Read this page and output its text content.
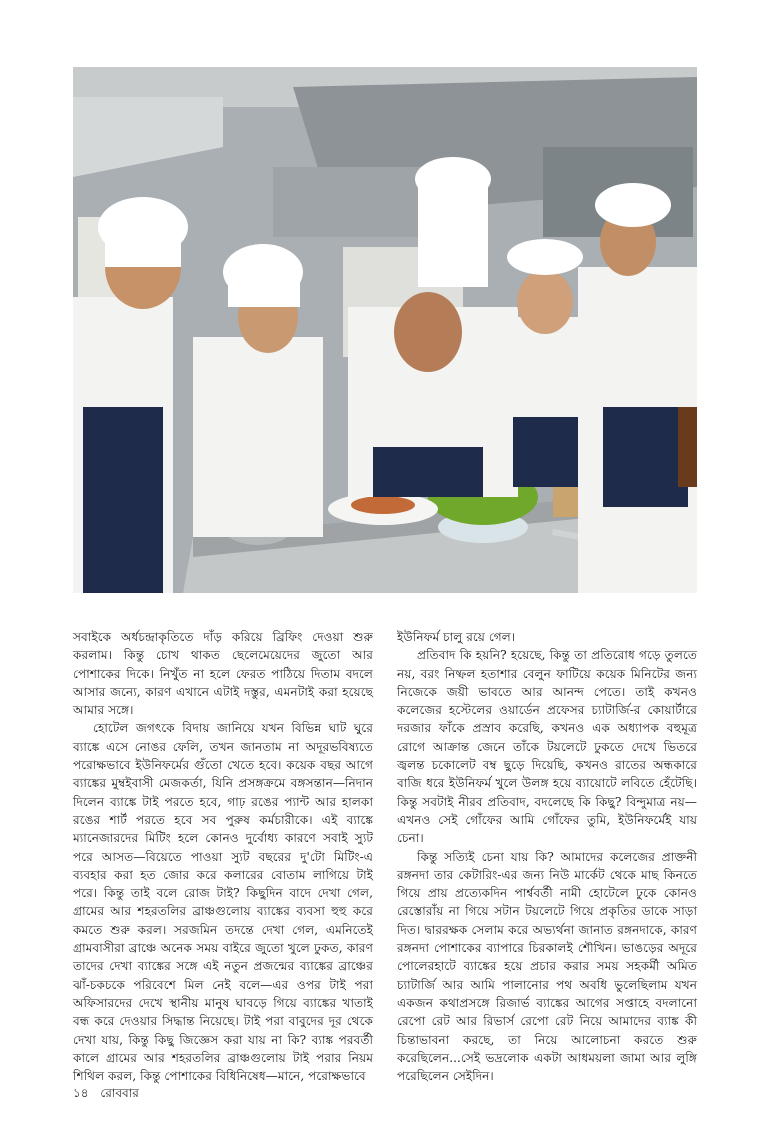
সবাইকে অর্ধচন্দ্রাকৃতিতে দাঁড় করিয়ে ব্রিফিং দেওয়া শুরু করলাম। কিন্তু চোখ থাকত ছেলেমেয়েদের জুতো আর পোশাকের দিকে। নিখুঁত না হলে ফেরত পাঠিয়ে দিতাম বদলে আসার জন্যে, কারণ এখানে এটাই দস্তুর, এমনটাই করা হয়েছে আমার সঙ্গে।

হোটেল জগৎকে বিদায় জানিয়ে যখন বিভিন্ন ঘাট ঘুরে ব্যাঙ্কে এসে নোঙর ফেলি, তখন জানতাম না অদূরভবিষ্যতে পরোক্ষভাবে ইউনিফর্মের গুঁতো খেতে হবে। কয়েক বছর আগে ব্যাঙ্কের মুম্বইবাসী মেজকর্তা, যিনি প্রসঙ্গক্রমে বঙ্গসন্তান—নিদান দিলেন ব্যাঙ্কে টাই পরতে হবে, গাঢ় রঙের প্যান্ট আর হালকা রঙের শার্ট পরতে হবে সব পুরুষ কর্মচারীকে। এই ব্যাঙ্কে ম্যানেজারদের মিটিং হলে কোনও দুর্বোধ্য কারণে সবাই স্যুট পরে আসত—বিয়েতে পাওয়া স্যুট বছরের দু'টো মিটিং-এ ব্যবহার করা হত জোর করে কলারের বোতাম লাগিয়ে টাই পরে। কিন্তু তাই বলে রোজ টাই? কিছুদিন বাদে দেখা গেল, গ্রামের আর শহরতলির ব্রাঞ্চগুলোয় ব্যাঙ্কের ব্যবসা হুহু করে কমতে শুরু করল। সরজমিন তদন্তে দেখা গেল, এমনিতেই গ্রামবাসীরা ব্রাঞ্চে অনেক সময় বাইরে জুতো খুলে ঢুকত, কারণ তাদের দেখা ব্যাঙ্কের সঙ্গে এই নতুন প্রজন্মের ব্যাঙ্কের ব্রাঞ্চের ঝাঁ-চকচকে পরিবেশে মিল নেই বলে—এর ওপর টাই পরা অফিসারদের দেখে স্থানীয় মানুষ ঘাবড়ে গিয়ে ব্যাঙ্কের খাতাই বন্ধ করে দেওয়ার সিদ্ধান্ত নিয়েছে। টাই পরা বাবুদের দূর থেকে দেখা যায়, কিন্তু কিছু জিজ্ঞেস করা যায় না কি? ব্যাঙ্ক পরবর্তী কালে গ্রামের আর শহরতলির ব্রাঞ্চগুলোয় টাই পরার নিয়ম শিথিল করল, কিন্তু পোশাকের বিধিনিষেধ—মানে, পরোক্ষভাবে

ইউনিফর্ম চালু রয়ে গেল।

প্রতিবাদ কি হয়নি? হয়েছে, কিন্তু তা প্রতিরোধ গড়ে তুলতে নয়, বরং নিষ্ফল হতাশার বেলুন ফাটিয়ে কয়েক মিনিটের জন্য নিজেকে জয়ী ভাবতে আর আনন্দ পেতে। তাই কখনও কলেজের হস্টেলের ওয়ার্ডেন প্রফেসর চ্যাটার্জি-র কোয়ার্টারে দরজার ফাঁকে প্রস্রাব করেছি, কখনও এক অধ্যাপক বহুমূত্র রোগে আক্রান্ত জেনে তাঁকে টয়লেটে ঢুকতে দেখে ভিতরে জ্বলন্ত চকোলেট বম্ব ছুড়ে দিয়েছি, কখনও রাতের অন্ধকারে বাজি ধরে ইউনিফর্ম খুলে উলঙ্গ হয়ে ব্যায়োটে লবিতে হেঁটেছি। কিন্তু সবটাই নীরব প্রতিবাদ, বদলেছে কি কিছু? বিন্দুমাত্র নয়—এখনও সেই গোঁফের আমি গোঁফের তুমি, ইউনিফর্মেই যায় চেনা।

কিন্তু সত্যিই চেনা যায় কি? আমাদের কলেজের প্রাক্তনী রঙ্গনদা তার কেটারিং-এর জন্য নিউ মার্কেট থেকে মাছ কিনতে গিয়ে প্রায় প্রত্যেকদিন পার্শ্ববর্তী নামী হোটেলে ঢুকে কোনও রেস্তোরাঁয় না গিয়ে সটান টয়লেটে গিয়ে প্রকৃতির ডাকে সাড়া দিত। দ্বাররক্ষক সেলাম করে অভ্যর্থনা জানাত রঙ্গনদাকে, কারণ রঙ্গনদা পোশাকের ব্যাপারে চিরকালই শৌখিন। ভাঙড়ের অদূরে পোলেরহাটে ব্যাঙ্কের হয়ে প্রচার করার সময় সহকর্মী অমিত চ্যাটার্জি আর আমি পালানোর পথ অবধি ভুলেছিলাম যখন একজন কথাপ্রসঙ্গে রিজার্ভ ব্যাঙ্কের আগের সপ্তাহে বদলানো রেপো রেট আর রিভার্স রেপো রেট নিয়ে আমাদের ব্যাঙ্ক কী চিন্তাভাবনা করছে, তা নিয়ে আলোচনা করতে শুরু করেছিলেন...সেই ভদ্রলোক একটা আধময়লা জামা আর লুঙ্গি পরেছিলেন সেইদিন।

১৪ রোববার
